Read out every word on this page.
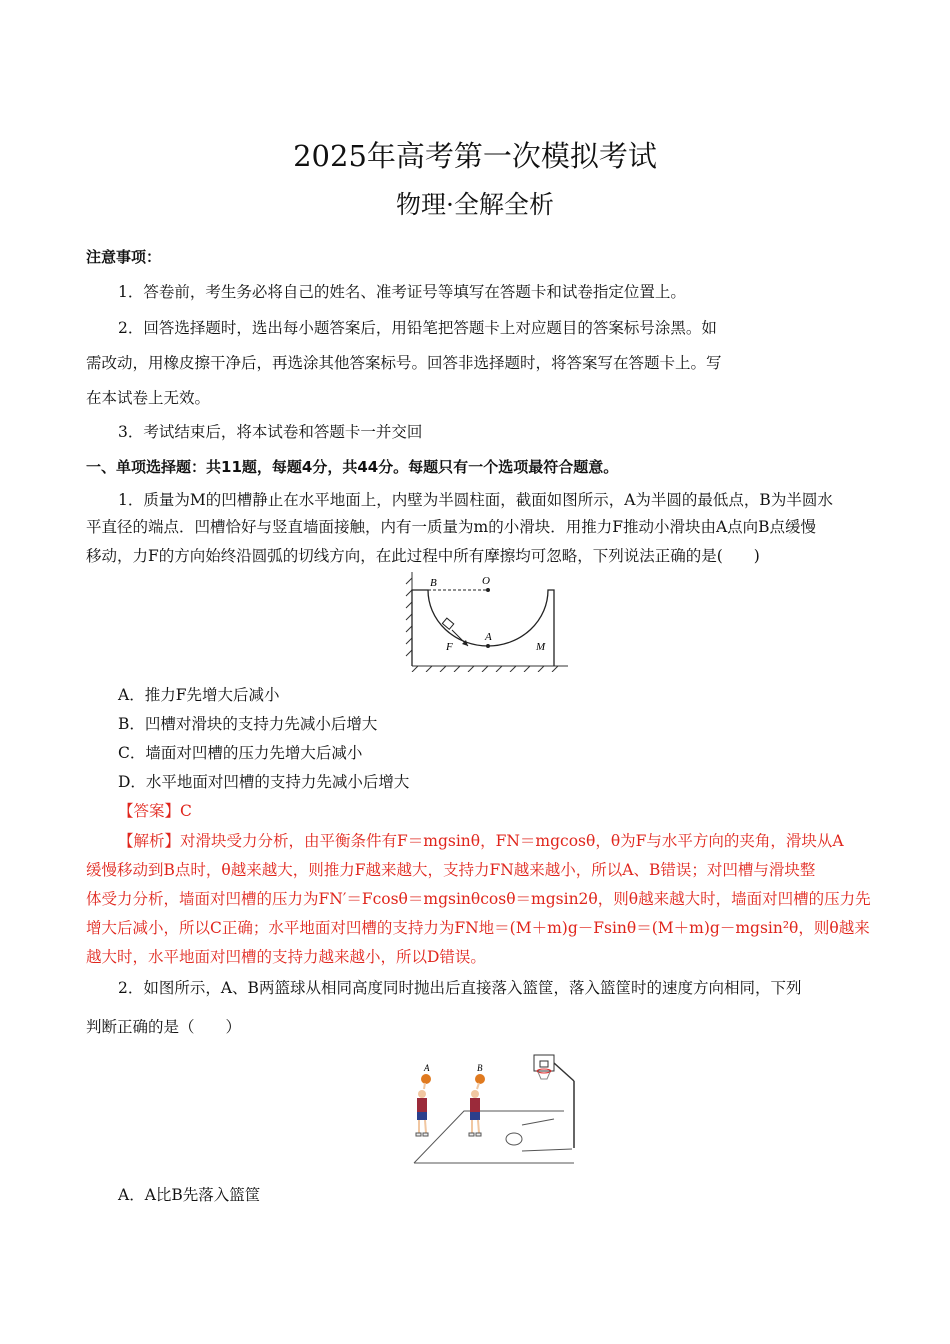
2025年高考第一次模拟考试
物理·全解全析
注意事项：
1．答卷前，考生务必将自己的姓名、准考证号等填写在答题卡和试卷指定位置上。
2．回答选择题时，选出每小题答案后，用铅笔把答题卡上对应题目的答案标号涂黑。如
需改动，用橡皮擦干净后，再选涂其他答案标号。回答非选择题时，将答案写在答题卡上。写
在本试卷上无效。
3．考试结束后，将本试卷和答题卡一并交回
一、单项选择题：共11题，每题4分，共44分。每题只有一个选项最符合题意。
1．质量为M的凹槽静止在水平地面上，内壁为半圆柱面，截面如图所示，A为半圆的最低点，B为半圆水
平直径的端点．凹槽恰好与竖直墙面接触，内有一质量为m的小滑块．用推力F推动小滑块由A点向B点缓慢
移动，力F的方向始终沿圆弧的切线方向，在此过程中所有摩擦均可忽略，下列说法正确的是(　　)
B	O
A
F	M
A．推力F先增大后减小
B．凹槽对滑块的支持力先减小后增大
C．墙面对凹槽的压力先增大后减小
D．水平地面对凹槽的支持力先减小后增大
【答案】C
【解析】对滑块受力分析，由平衡条件有F＝mgsinθ，FN＝mgcosθ，θ为F与水平方向的夹角，滑块从A
缓慢移动到B点时，θ越来越大，则推力F越来越大，支持力FN越来越小，所以A、B错误；对凹槽与滑块整
体受力分析，墙面对凹槽的压力为FN′＝Fcosθ＝mgsinθcosθ＝mgsin2θ，则θ越来越大时，墙面对凹槽的压力先
增大后减小，所以C正确；水平地面对凹槽的支持力为FN地＝(M＋m)g－Fsinθ＝(M＋m)g－mgsin²θ，则θ越来
越大时，水平地面对凹槽的支持力越来越小，所以D错误。
2．如图所示，A、B两篮球从相同高度同时抛出后直接落入篮筐，落入篮筐时的速度方向相同，下列
判断正确的是（　　）
A	B
A．A比B先落入篮筐
